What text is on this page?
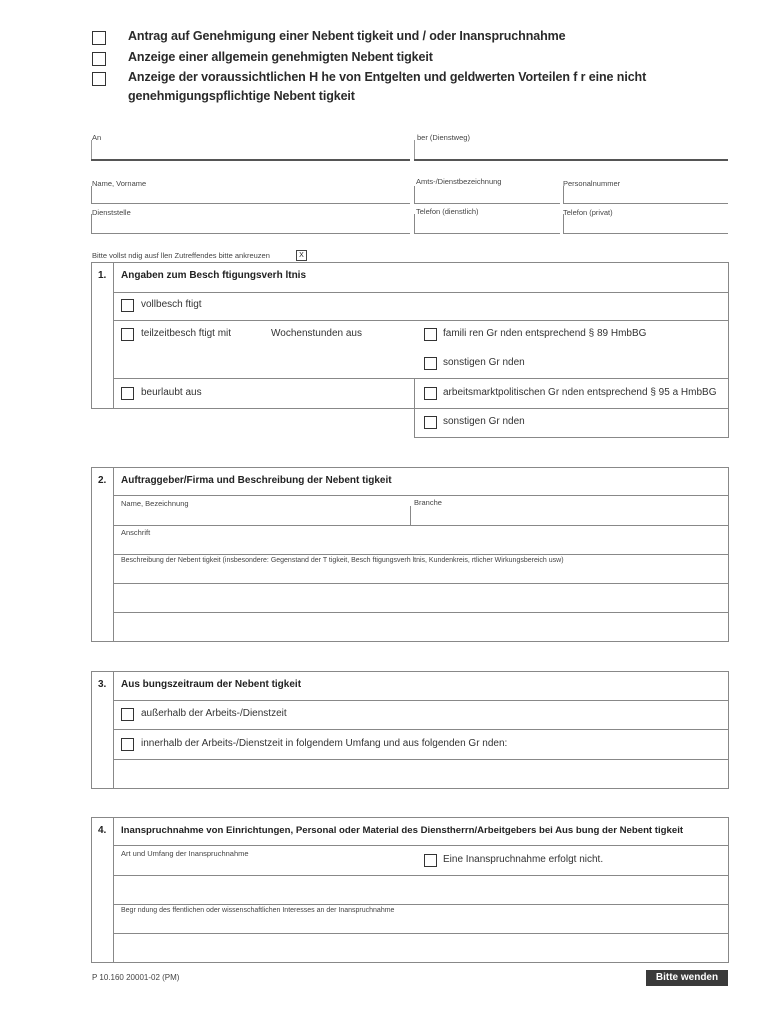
Antrag auf Genehmigung einer Nebent tigkeit und / oder Inanspruchnahme
Anzeige einer allgemein genehmigten Nebent tigkeit
Anzeige der voraussichtlichen H he von Entgelten und geldwerten Vorteilen f r eine nicht
genehmigungspflichtige Nebent tigkeit
An	ber (Dienstweg)
Name, Vorname	Amts-/Dienstbezeichnung	Personalnummer
Dienststelle	Telefon (dienstlich)	Telefon (privat)
Bitte vollst ndig ausf llen Zutreffendes bitte ankreuzen	X
1. Angaben zum Besch ftigungsverh ltnis
vollbesch ftigt
teilzeitbesch ftigt mit	Wochenstunden aus	famili ren Gr nden entsprechend § 89 HmbBG
sonstigen Gr nden
beurlaubt aus	arbeitsmarktpolitischen Gr nden entsprechend § 95 a HmbBG
sonstigen Gr nden
2. Auftraggeber/Firma und Beschreibung der Nebent tigkeit
Name, Bezeichnung	Branche
Anschrift
Beschreibung der Nebent tigkeit (insbesondere: Gegenstand der T tigkeit, Besch ftigungsverh ltnis, Kundenkreis, rtlicher Wirkungsbereich usw)
3. Aus bungszeitraum der Nebent tigkeit
außerhalb der Arbeits-/Dienstzeit
innerhalb der Arbeits-/Dienstzeit in folgendem Umfang und aus folgenden Gr nden:
4. Inanspruchnahme von Einrichtungen, Personal oder Material des Dienstherrn/Arbeitgebers bei Aus bung der Nebent tigkeit
Art und Umfang der Inanspruchnahme
Eine Inanspruchnahme erfolgt nicht.
Begr ndung des ffentlichen oder wissenschaftlichen Interesses an der Inanspruchnahme
P 10.160 20001-02 (PM)	Bitte wenden
